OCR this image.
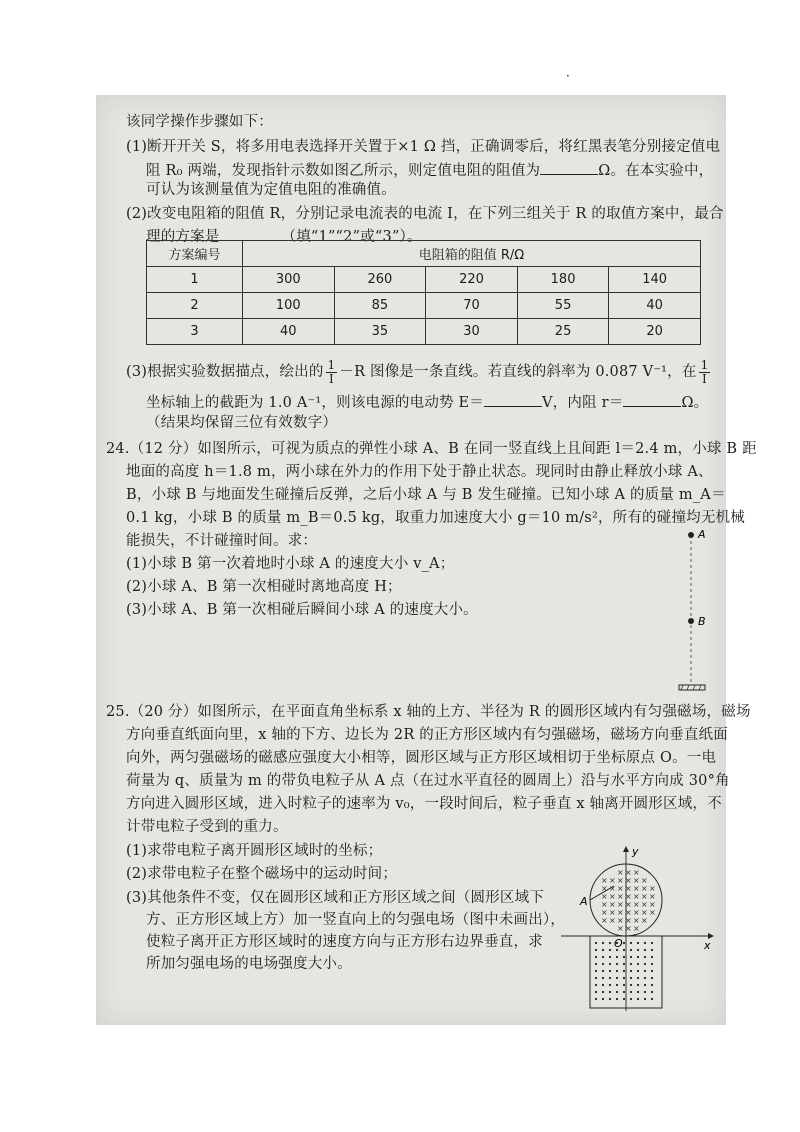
·
该同学操作步骤如下：
(1)断开开关 S，将多用电表选择开关置于×1 Ω 挡，正确调零后，将红黑表笔分别接定值电
阻 R₀ 两端，发现指针示数如图乙所示，则定值电阻的阻值为	Ω。在本实验中，
可认为该测量值为定值电阻的准确值。
(2)改变电阻箱的阻值 R，分别记录电流表的电流 I，在下列三组关于 R 的取值方案中，最合
理的方案是	（填“1”“2”或“3”）。
方案编号	电阻箱的阻值 R/Ω				
1	300	260	220	180	140
2	100	85	70	55	40
3	40	35	30	25	20
(3)根据实验数据描点，绘出的 $\frac{1}{I} -R$ 图像是一条直线。若直线的斜率为 0.087 V⁻¹，在 $\frac{1}{I}$
坐标轴上的截距为 1.0 A⁻¹，则该电源的电动势 E＝	V，内阻 r＝	Ω。
（结果均保留三位有效数字）
24.（12 分）如图所示，可视为质点的弹性小球 A、B 在同一竖直线上且间距 l＝2.4 m，小球 B 距
地面的高度 h＝1.8 m，两小球在外力的作用下处于静止状态。现同时由静止释放小球 A、
B，小球 B 与地面发生碰撞后反弹，之后小球 A 与 B 发生碰撞。已知小球 A 的质量 m_A＝
0.1 kg，小球 B 的质量 m_B＝0.5 kg，取重力加速度大小 g＝10 m/s²，所有的碰撞均无机械
能损失，不计碰撞时间。求：
(1)小球 B 第一次着地时小球 A 的速度大小 v_A；
(2)小球 A、B 第一次相碰时离地高度 H；
(3)小球 A、B 第一次相碰后瞬间小球 A 的速度大小。
A
B
25.（20 分）如图所示，在平面直角坐标系 x 轴的上方、半径为 R 的圆形区域内有匀强磁场，磁场
方向垂直纸面向里，x 轴的下方、边长为 2R 的正方形区域内有匀强磁场，磁场方向垂直纸面
向外，两匀强磁场的磁感应强度大小相等，圆形区域与正方形区域相切于坐标原点 O。一电
荷量为 q、质量为 m 的带负电粒子从 A 点（在过水平直径的圆周上）沿与水平方向成 30°角
方向进入圆形区域，进入时粒子的速率为 v₀，一段时间后，粒子垂直 x 轴离开圆形区域，不
计带电粒子受到的重力。
(1)求带电粒子离开圆形区域时的坐标；
(2)求带电粒子在整个磁场中的运动时间；
(3)其他条件不变，仅在圆形区域和正方形区域之间（圆形区域下
方、正方形区域上方）加一竖直向上的匀强电场（图中未画出），
使粒子离开正方形区域时的速度方向与正方形右边界垂直，求
所加匀强电场的电场强度大小。
× × ×
× × × × × ×
× × × × × × ×
× × × × × × ×
× × × × × × ×
× × × × × × ×
× × × × × ×
× × ×
y
x
A
O
